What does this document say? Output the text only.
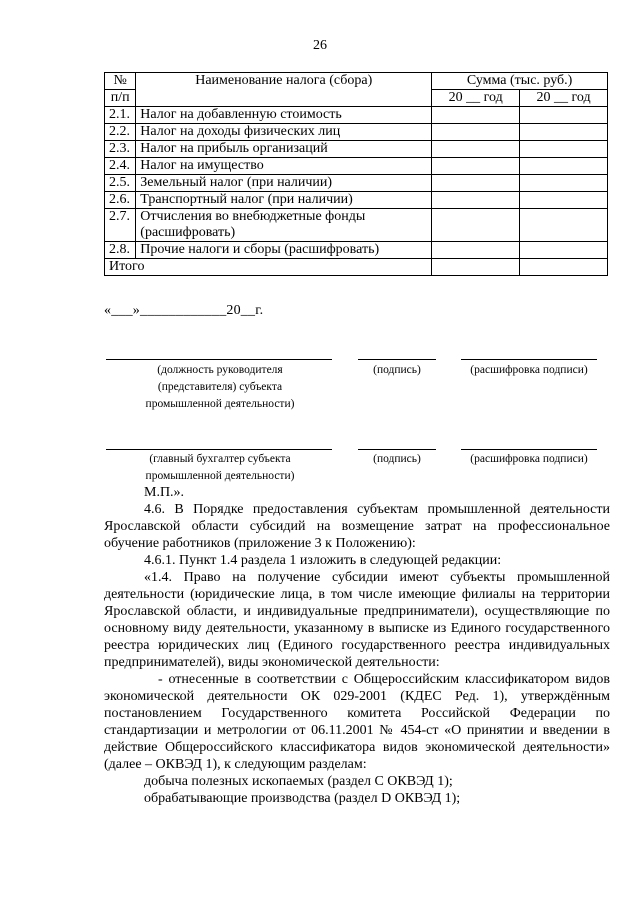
26
№	Наименование налога (сбора)	Сумма (тыс. руб.)	
п/п		20 __ год	20 __ год
2.1.	Налог на добавленную стоимость		
2.2.	Налог на доходы физических лиц		
2.3.	Налог на прибыль организаций		
2.4.	Налог на имущество		
2.5.	Земельный налог (при наличии)		
2.6.	Транспортный налог (при наличии)		
2.7.	Отчисления во внебюджетные фонды (расшифровать)		
2.8.	Прочие налоги и сборы (расшифровать)		
Итого			
«___»____________20__г.
(должность руководителя (представителя) субъекта промышленной деятельности)
(подпись)	(расшифровка подписи)
(главный бухгалтер субъекта промышленной деятельности)
(подпись)	(расшифровка подписи)

М.П.».

4.6. В Порядке предоставления субъектам промышленной деятельности Ярославской области субсидий на возмещение затрат на профессиональное обучение работников (приложение 3 к Положению):

4.6.1. Пункт 1.4 раздела 1 изложить в следующей редакции:

«1.4. Право на получение субсидии имеют субъекты промышленной деятельности (юридические лица, в том числе имеющие филиалы на территории Ярославской области, и индивидуальные предприниматели), осуществляющие по основному виду деятельности, указанному в выписке из Единого государственного реестра юридических лиц (Единого государственного реестра индивидуальных предпринимателей), виды экономической деятельности:

- отнесенные в соответствии с Общероссийским классификатором видов экономической деятельности ОК 029-2001 (КДЕС Ред. 1), утверждённым постановлением Государственного комитета Российской Федерации по стандартизации и метрологии от 06.11.2001 № 454-ст «О принятии и введении в действие Общероссийского классификатора видов экономической деятельности» (далее – ОКВЭД 1), к следующим разделам:

добыча полезных ископаемых (раздел C ОКВЭД 1);

обрабатывающие производства (раздел D ОКВЭД 1);
